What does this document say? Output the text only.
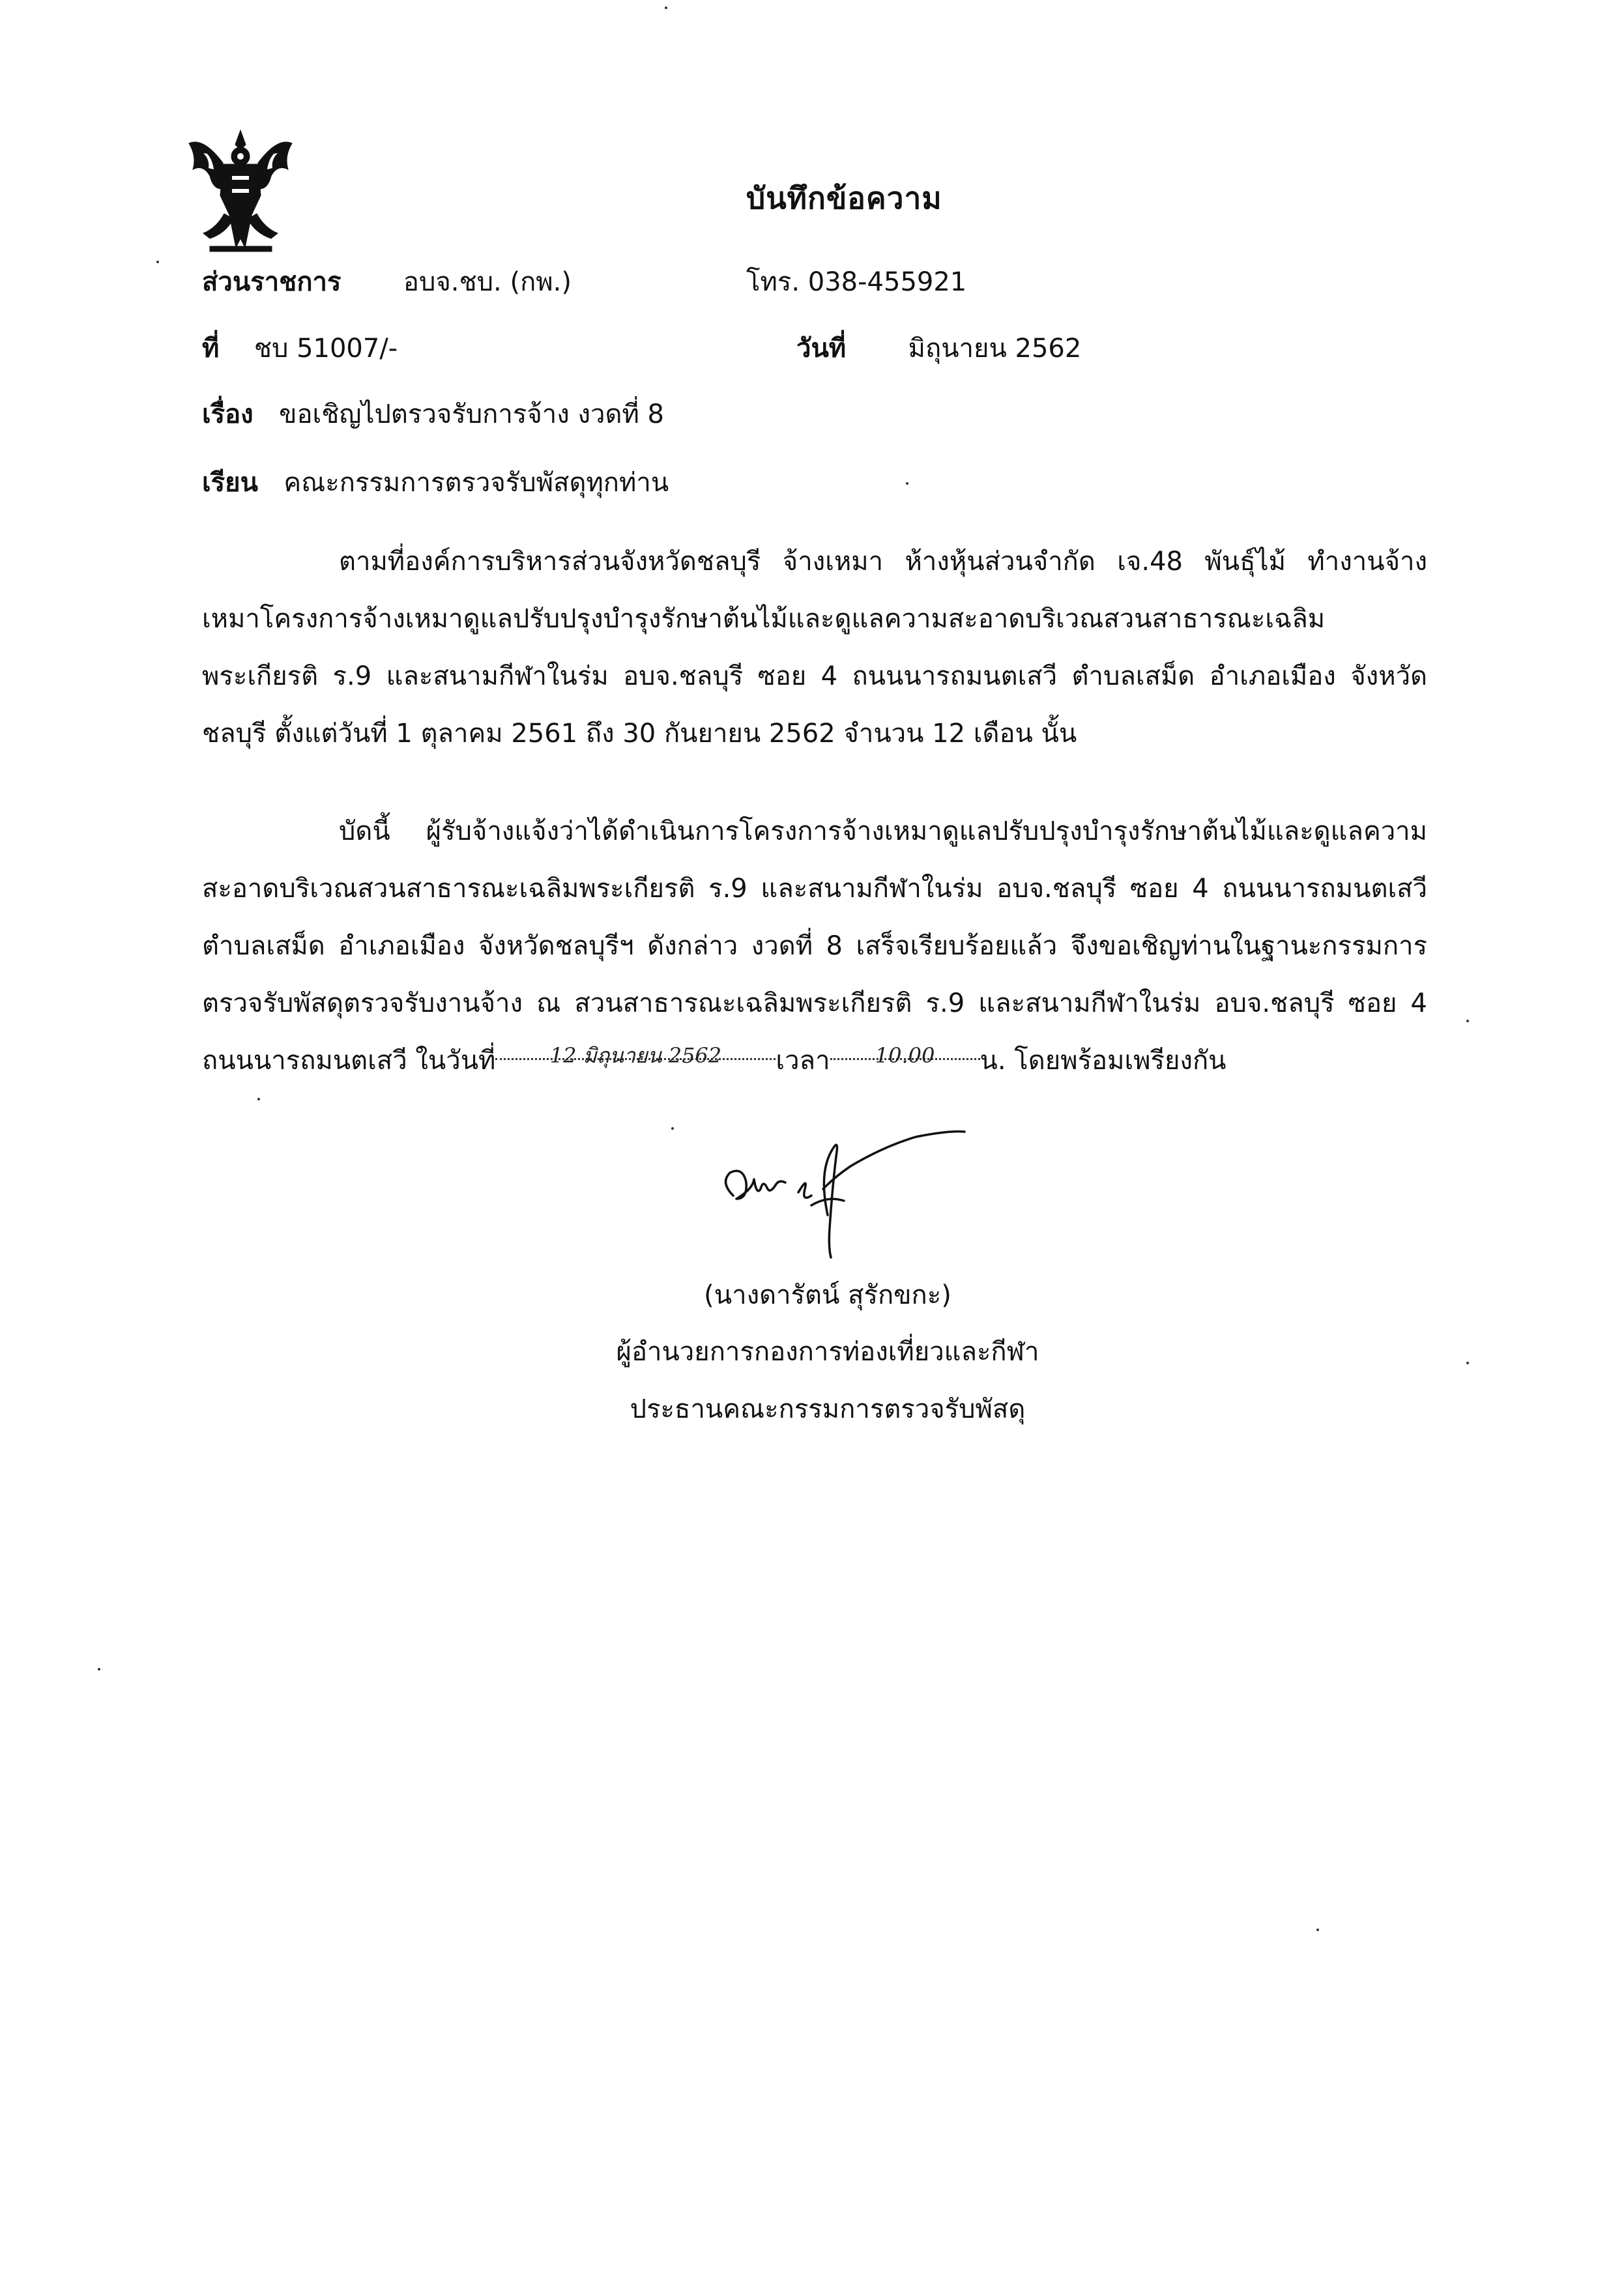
บันทึกข้อความ
ส่วนราชการ อบจ.ชบ. (กพ.)	โทร. 038-455921
ที่ ชบ 51007/-	วันที่ มิถุนายน 2562
เรื่อง ขอเชิญไปตรวจรับการจ้าง งวดที่ 8
เรียน คณะกรรมการตรวจรับพัสดุทุกท่าน
ตามที่องค์การบริหารส่วนจังหวัดชลบุรี จ้างเหมา ห้างหุ้นส่วนจำกัด เจ.48 พันธุ์ไม้ ทำงานจ้าง
เหมาโครงการจ้างเหมาดูแลปรับปรุงบำรุงรักษาต้นไม้และดูแลความสะอาดบริเวณสวนสาธารณะเฉลิม
พระเกียรติ ร.9 และสนามกีฬาในร่ม อบจ.ชลบุรี ซอย 4 ถนนนารถมนตเสวี ตำบลเสม็ด อำเภอเมือง จังหวัด
ชลบุรี ตั้งแต่วันที่ 1 ตุลาคม 2561 ถึง 30 กันยายน 2562 จำนวน 12 เดือน นั้น
บัดนี้ ผู้รับจ้างแจ้งว่าได้ดำเนินการโครงการจ้างเหมาดูแลปรับปรุงบำรุงรักษาต้นไม้และดูแลความ
สะอาดบริเวณสวนสาธารณะเฉลิมพระเกียรติ ร.9 และสนามกีฬาในร่ม อบจ.ชลบุรี ซอย 4 ถนนนารถมนตเสวี
ตำบลเสม็ด อำเภอเมือง จังหวัดชลบุรีฯ ดังกล่าว งวดที่ 8 เสร็จเรียบร้อยแล้ว จึงขอเชิญท่านในฐานะกรรมการ
ตรวจรับพัสดุตรวจรับงานจ้าง ณ สวนสาธารณะเฉลิมพระเกียรติ ร.9 และสนามกีฬาในร่ม อบจ.ชลบุรี ซอย 4
ถนนนารถมนตเสวี ในวันที่	$^{12 มิถุนายน 2562}$ เวลา $^{10.00}$ น. โดยพร้อมเพรียงกัน
(นางดารัตน์ สุรักขกะ)
ผู้อำนวยการกองการท่องเที่ยวและกีฬา
ประธานคณะกรรมการตรวจรับพัสดุ
